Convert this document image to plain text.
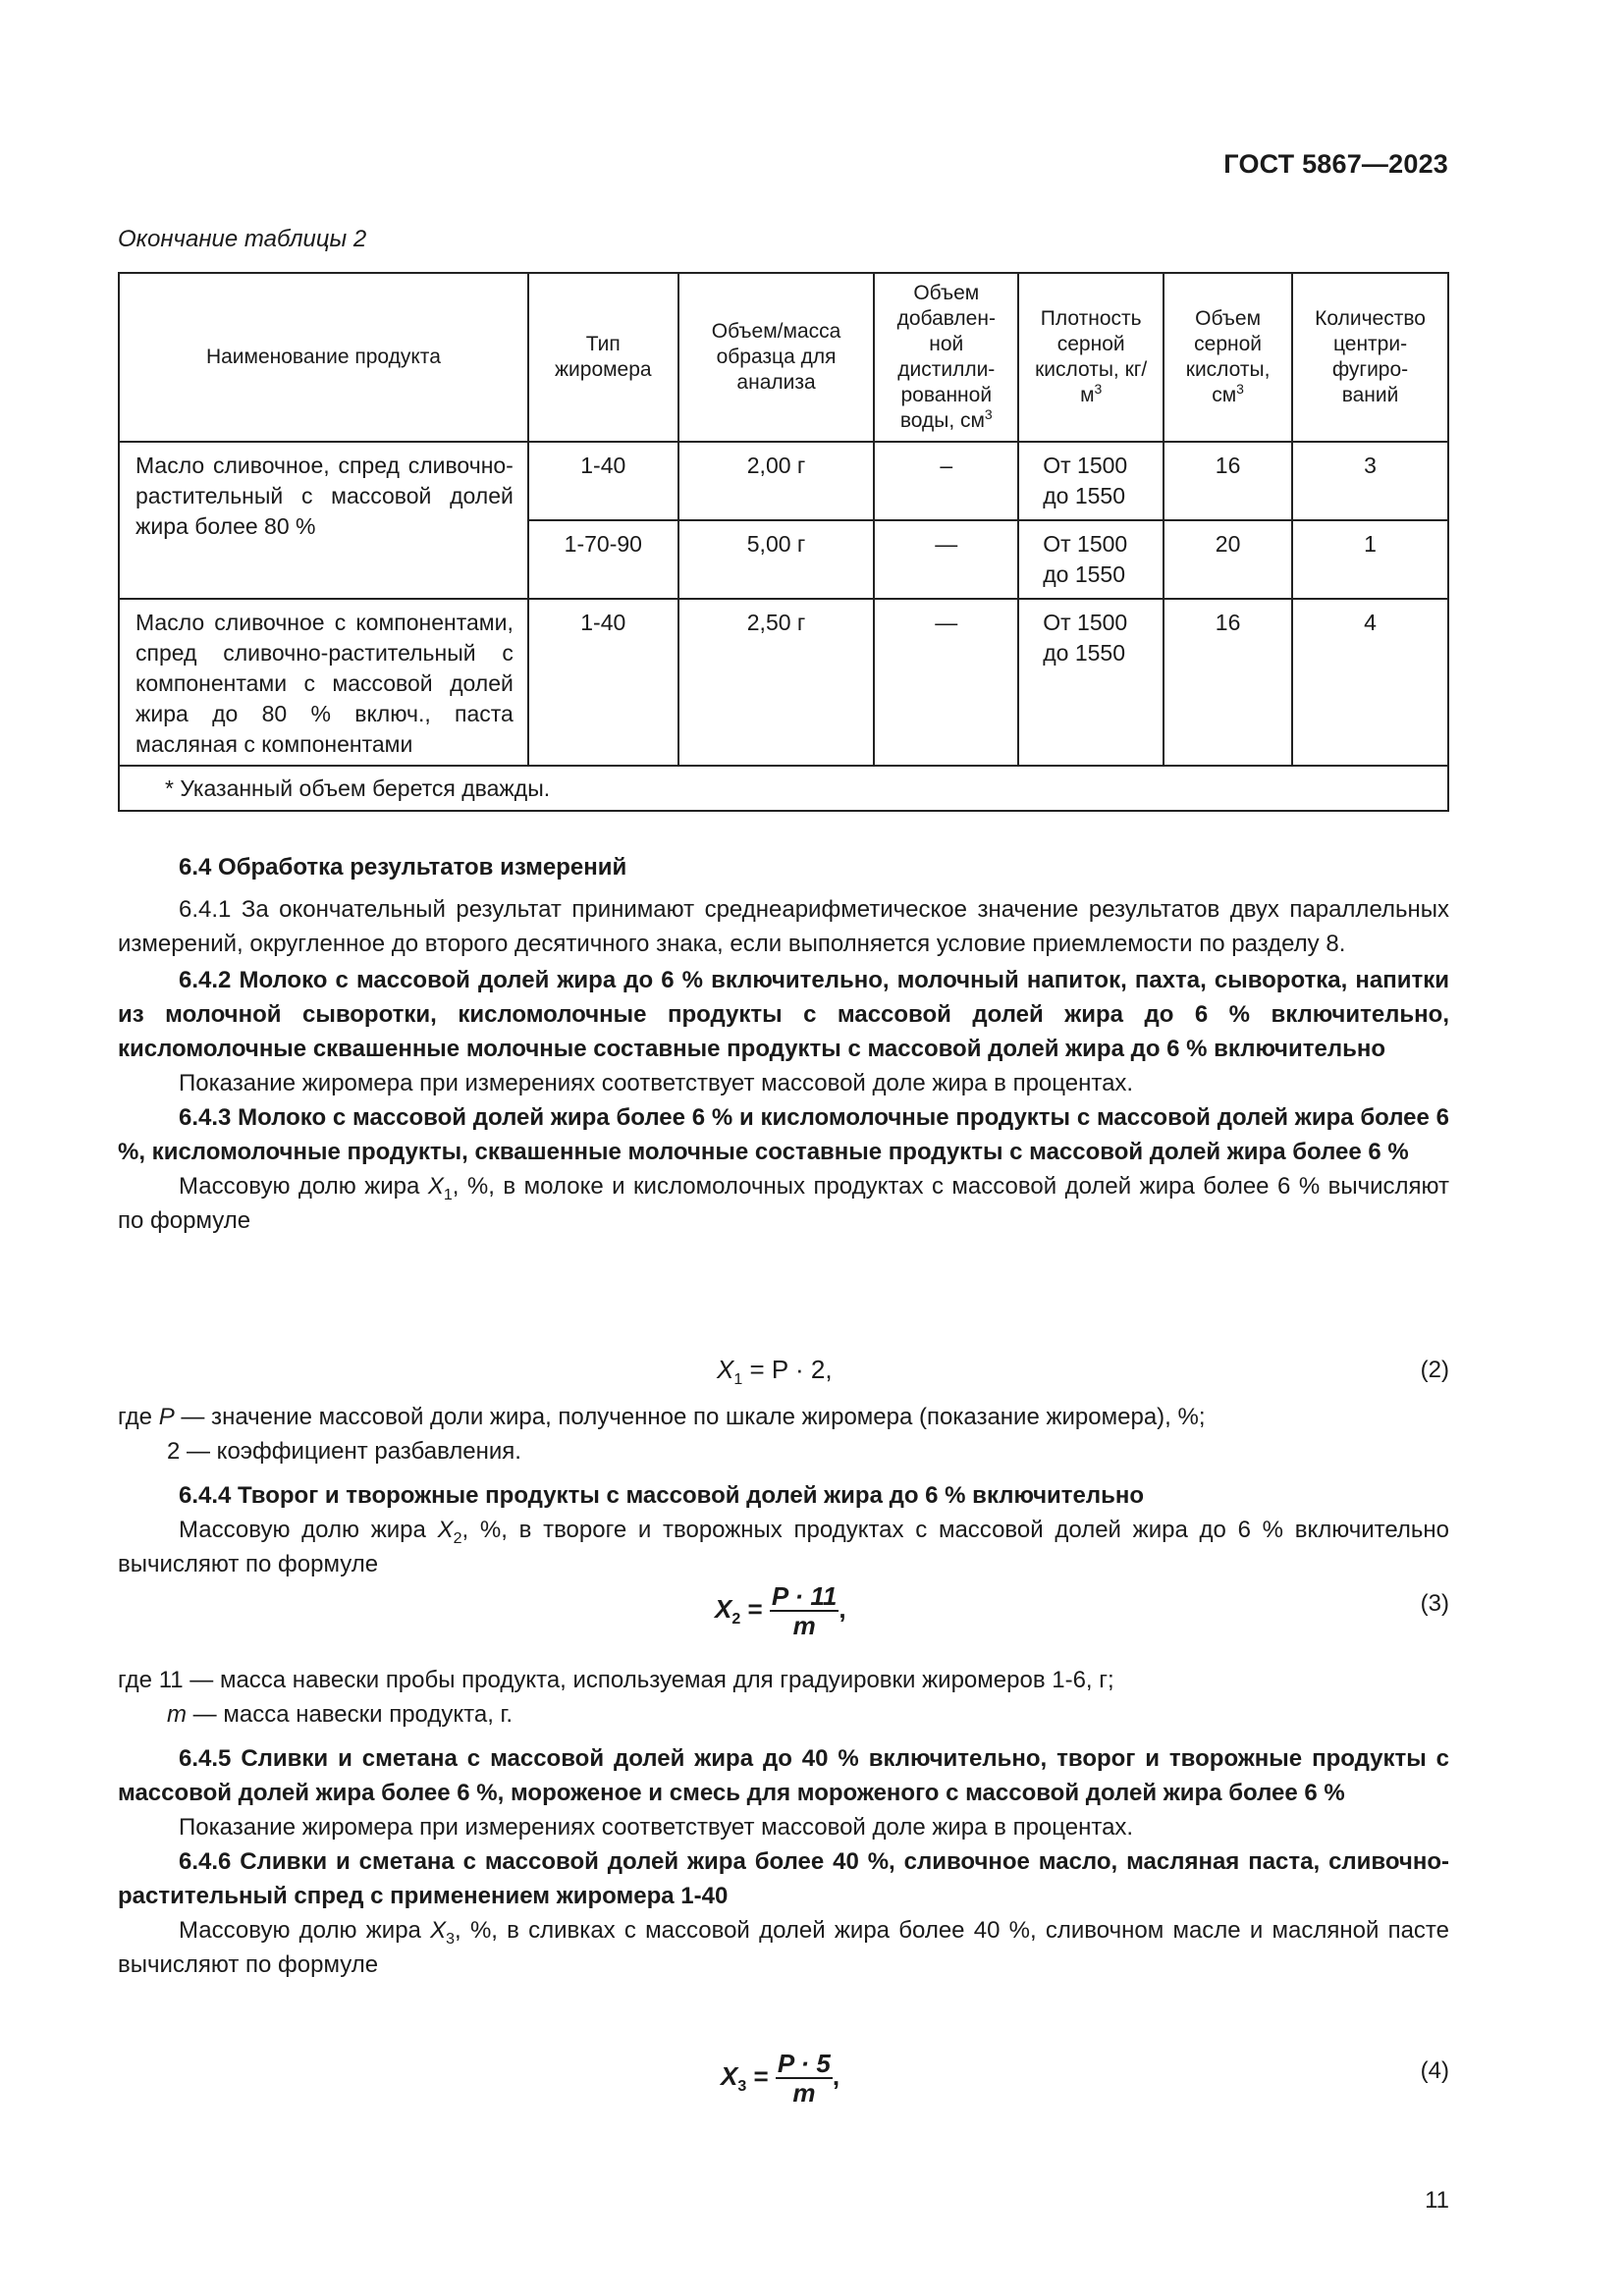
ГОСТ 5867—2023
Окончание таблицы 2
Наименование продукта	Тип жиромера	Объем/масса образца для анализа	Объем добавлен-ной дистилли-рованной воды, $см^3$	Плотность серной кислоты, $кг/м^3$	Объем серной кислоты, $см^3$	Количество центри-фугиро-ваний
Масло сливочное, спред сливочно-растительный с массовой долей жира более 80 %	1-40	2,00 г	–	От 1500 до 1550	16	3
	1-70-90	5,00 г	—	От 1500 до 1550	20	1
Масло сливочное с компонентами, спред сливочно-растительный с компонентами с массовой долей жира до 80 % включ., паста масляная с компонентами	1-40	2,50 г	—	От 1500 до 1550	16	4
* Указанный объем берется дважды.						

6.4 Обработка результатов измерений

6.4.1 За окончательный результат принимают среднеарифметическое значение результатов двух параллельных измерений, округленное до второго десятичного знака, если выполняется условие приемлемости по разделу 8.

6.4.2 Молоко с массовой долей жира до 6 % включительно, молочный напиток, пахта, сыворотка, напитки из молочной сыворотки, кисломолочные продукты с массовой долей жира до 6 % включительно, кисломолочные сквашенные молочные составные продукты с массовой долей жира до 6 % включительно

Показание жиромера при измерениях соответствует массовой доле жира в процентах.

6.4.3 Молоко с массовой долей жира более 6 % и кисломолочные продукты с массовой долей жира более 6 %, кисломолочные продукты, сквашенные молочные составные продукты с массовой долей жира более 6 %

Массовую долю жира $X_1$, %, в молоке и кисломолочных продуктах с массовой долей жира более 6 % вычисляют по формуле

$X_1 = P \cdot 2$,	(2)

где P — значение массовой доли жира, полученное по шкале жиромера (показание жиромера), %;

2 — коэффициент разбавления.

6.4.4 Творог и творожные продукты с массовой долей жира до 6 % включительно

Массовую долю жира $X_2$, %, в твороге и творожных продуктах с массовой долей жира до 6 % включительно вычисляют по формуле

$X_2 = \frac{P \cdot 11}{m}$ ,	(3)

где 11 — масса навески пробы продукта, используемая для градуировки жиромеров 1-6, г;

m — масса навески продукта, г.

6.4.5 Сливки и сметана с массовой долей жира до 40 % включительно, творог и творожные продукты с массовой долей жира более 6 %, мороженое и смесь для мороженого с массовой долей жира более 6 %

Показание жиромера при измерениях соответствует массовой доле жира в процентах.

6.4.6 Сливки и сметана с массовой долей жира более 40 %, сливочное масло, масляная паста, сливочно-растительный спред с применением жиромера 1-40

Массовую долю жира $X_3$, %, в сливках с массовой долей жира более 40 %, сливочном масле и масляной пасте вычисляют по формуле

$X_3 = \frac{P \cdot 5}{m}$ ,	(4)
11
